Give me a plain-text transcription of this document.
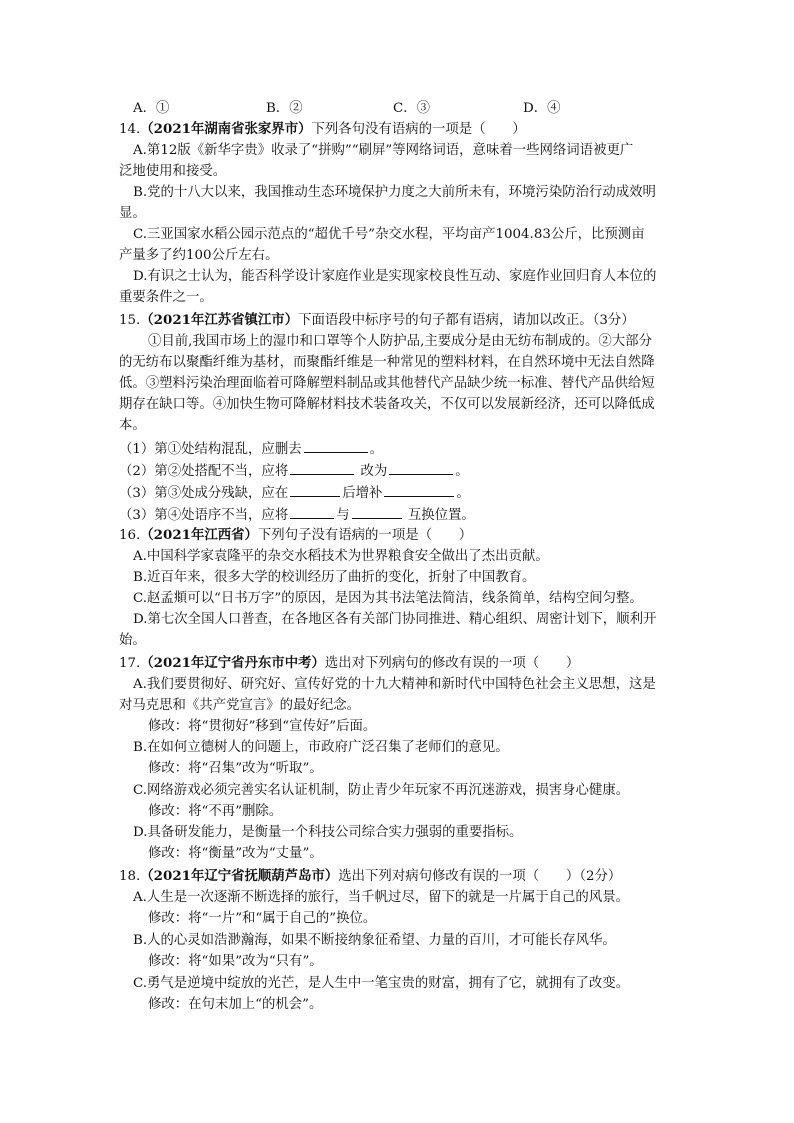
A．①	B．②	C．③	D．④
14.（2021年湖南省张家界市）下列各句没有语病的一项是（　　）
A.第12版《新华字贵》收录了“拼购”“刷屏”等网络词语，意味着一些网络词语被更广
泛地使用和接受。
B.党的十八大以来，我国推动生态环境保护力度之大前所未有，环境污染防治行动成效明
显。
C.三亚国家水稻公园示范点的“超优千号”杂交水程，平均亩产1004.83公斤，比预测亩
产量多了约100公斤左右。
D.有识之士认为，能否科学设计家庭作业是实现家校良性互动、家庭作业回归育人本位的
重要条件之一。
15.（2021年江苏省镇江市）下面语段中标序号的句子都有语病，请加以改正。（3分）
①目前,我国市场上的湿巾和口罩等个人防护品,主要成分是由无纺布制成的。②大部分
的无纺布以聚酯纤维为基材，而聚酯纤维是一种常见的塑料材料，在自然环境中无法自然降
低。③塑料污染治理面临着可降解塑料制品或其他替代产品缺少统一标准、替代产品供给短
期存在缺口等。④加快生物可降解材料技术装备攻关，不仅可以发展新经济，还可以降低成
本。
（1）第①处结构混乱，应删去	。
（2）第②处搭配不当，应将	改为	。
（3）第③处成分残缺，应在	后增补	。
（3）第④处语序不当，应将	与	互换位置。
16.（2021年江西省）下列句子没有语病的一项是（　　）
A.中国科学家袁隆平的杂交水稻技术为世界粮食安全做出了杰出贡献。
B.近百年来，很多大学的校训经历了曲折的变化，折射了中国教育。
C.赵孟頫可以“日书万字”的原因，是因为其书法笔法简洁，线条简单，结构空间匀整。
D.第七次全国人口普查，在各地区各有关部门协同推进、精心组织、周密计划下，顺利开
始。
17.（2021年辽宁省丹东市中考）选出对下列病句的修改有误的一项（　　）
A.我们要贯彻好、研究好、宣传好党的十九大精神和新时代中国特色社会主义思想，这是
对马克思和《共产党宣言》的最好纪念。
修改：将“贯彻好”移到“宣传好”后面。
B.在如何立德树人的问题上，市政府广泛召集了老师们的意见。
修改：将“召集”改为“听取”。
C.网络游戏必须完善实名认证机制，防止青少年玩家不再沉迷游戏，损害身心健康。
修改：将“不再”删除。
D.具备研发能力，是衡量一个科技公司综合实力强弱的重要指标。
修改：将“衡量”改为“丈量”。
18.（2021年辽宁省抚顺葫芦岛市）选出下列对病句修改有误的一项（　　）（2分）
A.人生是一次逐渐不断选择的旅行，当千帆过尽，留下的就是一片属于自己的风景。
修改：将“一片”和“属于自己的”换位。
B.人的心灵如浩渺瀚海，如果不断接纳象征希望、力量的百川，才可能长存风华。
修改：将“如果”改为“只有”。
C.勇气是逆境中绽放的光芒，是人生中一笔宝贵的财富，拥有了它，就拥有了改变。
修改：在句末加上“的机会”。
